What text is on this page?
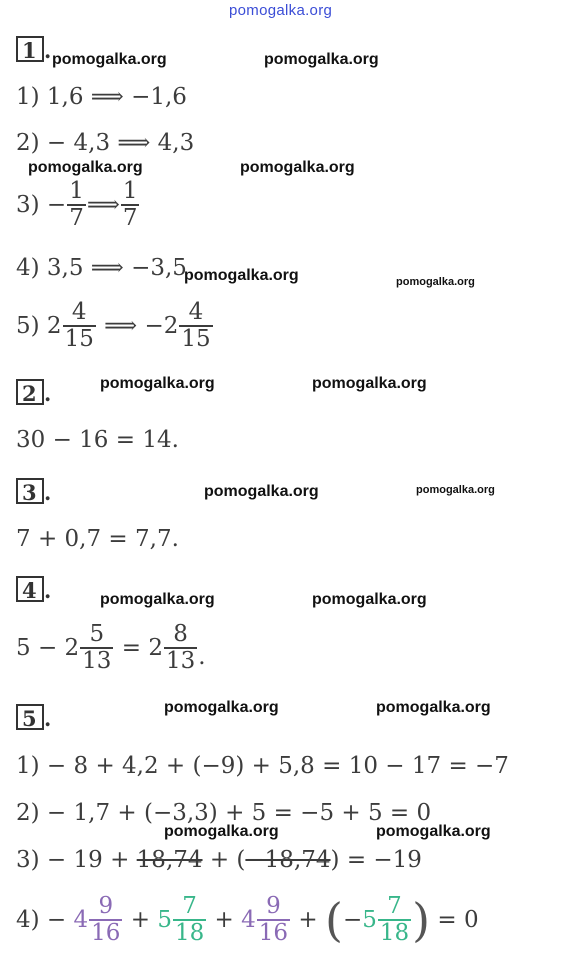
pomogalka.org
1 . pomogalka.org	pomogalka.org
1) 1,6 ⟹ −1,6
2) − 4,3 ⟹ 4,3
pomogalka.org	pomogalka.org
$3) - \frac{1}{7}$ ⟹ $\frac{1}{7}$
4) 3,5 ⟹ −3,5
pomogalka.org	pomogalka.org
5) $2 \frac{4}{15}$ ⟹ $-2 \frac{4}{15}$
2 .	pomogalka.org	pomogalka.org
30 − 16 = 14.
3 .	pomogalka.org	pomogalka.org
7 + 0,7 = 7,7.
4 .	pomogalka.org	pomogalka.org
$5 - 2 \frac{5}{13} = 2 \frac{8}{13}$ .
5 .	pomogalka.org	pomogalka.org
1) − 8 + 4,2 + (−9) + 5,8 = 10 − 17 = −7
2) − 1,7 + (−3,3) + 5 = −5 + 5 = 0
pomogalka.org	pomogalka.org
3) − 19 + 18,74 + (−18,74) = −19
$4) - 4 \frac{9}{16} + 5 \frac{7}{18} + 4 \frac{9}{16}$ + ( − $5 \frac{7}{18}$ ) = 0
